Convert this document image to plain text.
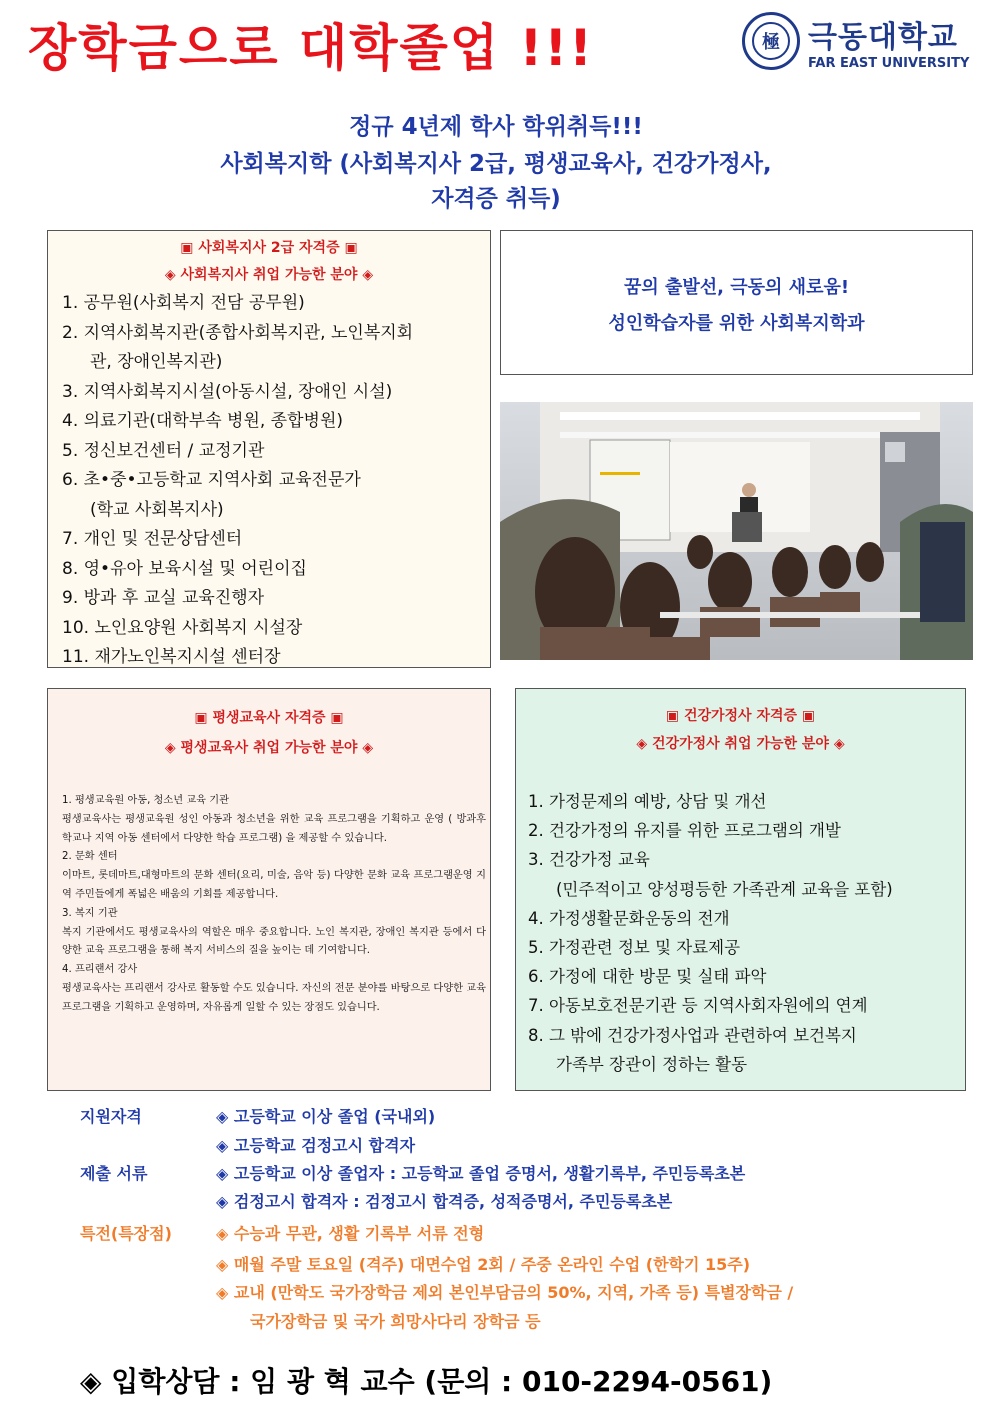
장학금으로 대학졸업 !!!	極 극동대학교
FAR EAST UNIVERSITY
정규 4년제 학사 학위취득!!!
사회복지학 (사회복지사 2급, 평생교육사, 건강가정사,
자격증 취득)
▣ 사회복지사 2급 자격증 ▣
◈ 사회복지사 취업 가능한 분야 ◈
1. 공무원(사회복지 전담 공무원)
2. 지역사회복지관(종합사회복지관, 노인복지회
관, 장애인복지관)
3. 지역사회복지시설(아동시설, 장애인 시설)
4. 의료기관(대학부속 병원, 종합병원)
5. 정신보건센터 / 교정기관
6. 초•중•고등학교 지역사회 교육전문가
(학교 사회복지사)
7. 개인 및 전문상담센터
8. 영•유아 보육시설 및 어린이집
9. 방과 후 교실 교육진행자
10. 노인요양원 사회복지 시설장
11. 재가노인복지시설 센터장
꿈의 출발선, 극동의 새로움!
성인학습자를 위한 사회복지학과
▣ 평생교육사 자격증 ▣
◈ 평생교육사 취업 가능한 분야 ◈

1. 평생교육원 아동, 청소년 교육 기관

평생교육사는 평생교육원 성인 아동과 청소년을 위한 교육 프로그램을 기획하고 운영 ( 방과후 학교나 지역 아동 센터에서 다양한 학습 프로그램) 을 제공할 수 있습니다.

2. 문화 센터

이마트, 롯데마트,대형마트의 문화 센터(요리, 미술, 음악 등) 다양한 문화 교육 프로그램운영 지역 주민들에게 폭넓은 배움의 기회를 제공합니다.

3. 복지 기관

복지 기관에서도 평생교육사의 역할은 매우 중요합니다. 노인 복지관, 장애인 복지관 등에서 다양한 교육 프로그램을 통해 복지 서비스의 질을 높이는 데 기여합니다.

4. 프리랜서 강사

평생교육사는 프리랜서 강사로 활동할 수도 있습니다. 자신의 전문 분야를 바탕으로 다양한 교육 프로그램을 기획하고 운영하며, 자유롭게 일할 수 있는 장점도 있습니다.

▣ 건강가정사 자격증 ▣
◈ 건강가정사 취업 가능한 분야 ◈
1. 가정문제의 예방, 상담 및 개선
2. 건강가정의 유지를 위한 프로그램의 개발
3. 건강가정 교육
(민주적이고 양성평등한 가족관계 교육을 포함)
4. 가정생활문화운동의 전개
5. 가정관련 정보 및 자료제공
6. 가정에 대한 방문 및 실태 파악
7. 아동보호전문기관 등 지역사회자원에의 연계
8. 그 밖에 건강가정사업과 관련하여 보건복지
가족부 장관이 정하는 활동
지원자격	◈ 고등학교 이상 졸업 (국내외)
◈ 고등학교 검정고시 합격자
제출 서류	◈ 고등학교 이상 졸업자 : 고등학교 졸업 증명서, 생활기록부, 주민등록초본
◈ 검정고시 합격자 : 검정고시 합격증, 성적증명서, 주민등록초본
특전(특장점)	◈ 수능과 무관, 생활 기록부 서류 전형
◈ 매월 주말 토요일 (격주) 대면수업 2회 / 주중 온라인 수업 (한학기 15주)
◈ 교내 (만학도 국가장학금 제외 본인부담금의 50%, 지역, 가족 등) 특별장학금 /
국가장학금 및 국가 희망사다리 장학금 등
◈ 입학상담 : 임 광 혁 교수 (문의 : 010-2294-0561)
